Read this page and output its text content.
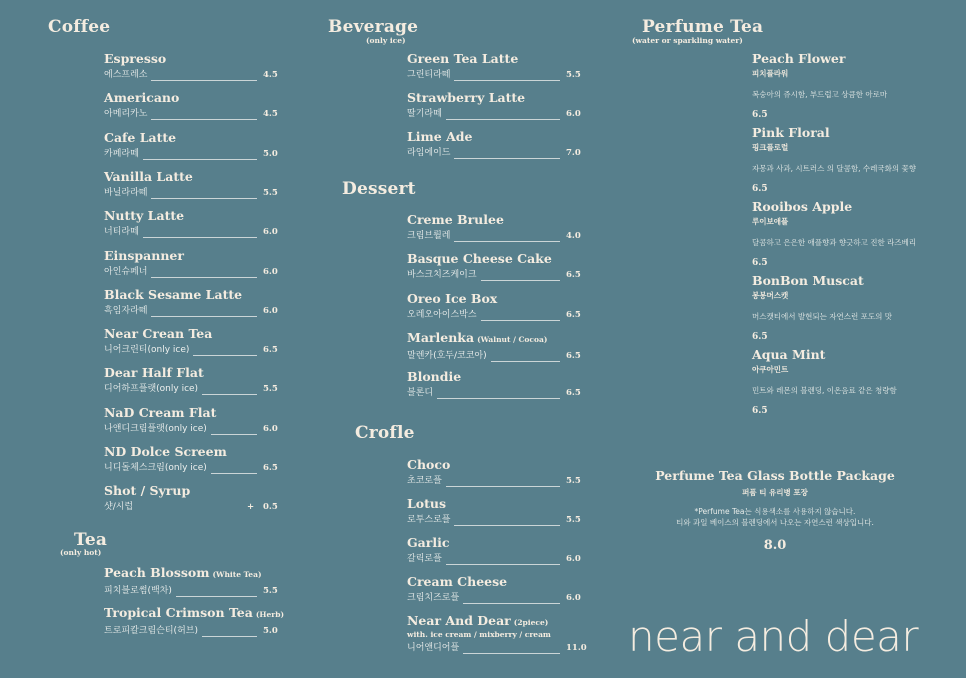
Coffee
Espresso
에스프레소	4.5
Americano
아메리카노	4.5
Cafe Latte
카페라떼	5.0
Vanilla Latte
바닐라라떼	5.5
Nutty Latte
너티라떼	6.0
Einspanner
아인슈페너	6.0
Black Sesame Latte
흑임자라떼	6.0
Near Crean Tea
니어크린티(only ice)	6.5
Dear Half Flat
디어하프플랫(only ice)	5.5
NaD Cream Flat
나앤디크림플랫(only ice)	6.0
ND Dolce Screem
니디돌체스크림(only ice)	6.5
Shot / Syrup
샷/시럽	+ 0.5
Tea
(only hot)
Peach Blossom (White Tea)
피치블로썸(백차)	5.5
Tropical Crimson Tea (Herb)
트로피칼크림슨티(허브)	5.0
Beverage
(only ice)
Green Tea Latte
그린티라떼	5.5
Strawberry Latte
딸기라떼	6.0
Lime Ade
라임에이드	7.0
Dessert
Creme Brulee
크림브륄레	4.0
Basque Cheese Cake
바스크치즈케이크	6.5
Oreo Ice Box
오레오아이스박스	6.5
Marlenka (Walnut / Cocoa)
말렌카(호두/코코아)	6.5
Blondie
블론디	6.5
Crofle
Choco
초코로플	5.5
Lotus
로투스로플	5.5
Garlic
갈릭로플	6.0
Cream Cheese
크림치즈로플	6.0
Near And Dear (2piece)
with. ice cream / mixberry / cream
니어앤디어플	11.0
Perfume Tea
(water or sparkling water)
Peach Flower
피치플라워
복숭아의 쥬시함, 부드럽고 상큼한 아로마
6.5
Pink Floral
핑크플로럴
자몽과 사과, 시트러스 의 달콤함, 수레국화의 꽃향
6.5
Rooibos Apple
루이보애플
달콤하고 은은한 애플향과 향긋하고 진한 라즈베리
6.5
BonBon Muscat
봉봉머스캣
머스캣티에서 발현되는 자연스런 포도의 맛
6.5
Aqua Mint
아쿠아민트
민트와 레몬의 블렌딩, 이온음료 같은 청량함
6.5
Perfume Tea Glass Bottle Package
퍼퓸 티 유리병 포장
*Perfume Tea는 식용색소를 사용하지 않습니다.
티와 과일 베이스의 블렌딩에서 나오는 자연스런 색상입니다.
8.0
near and dear
